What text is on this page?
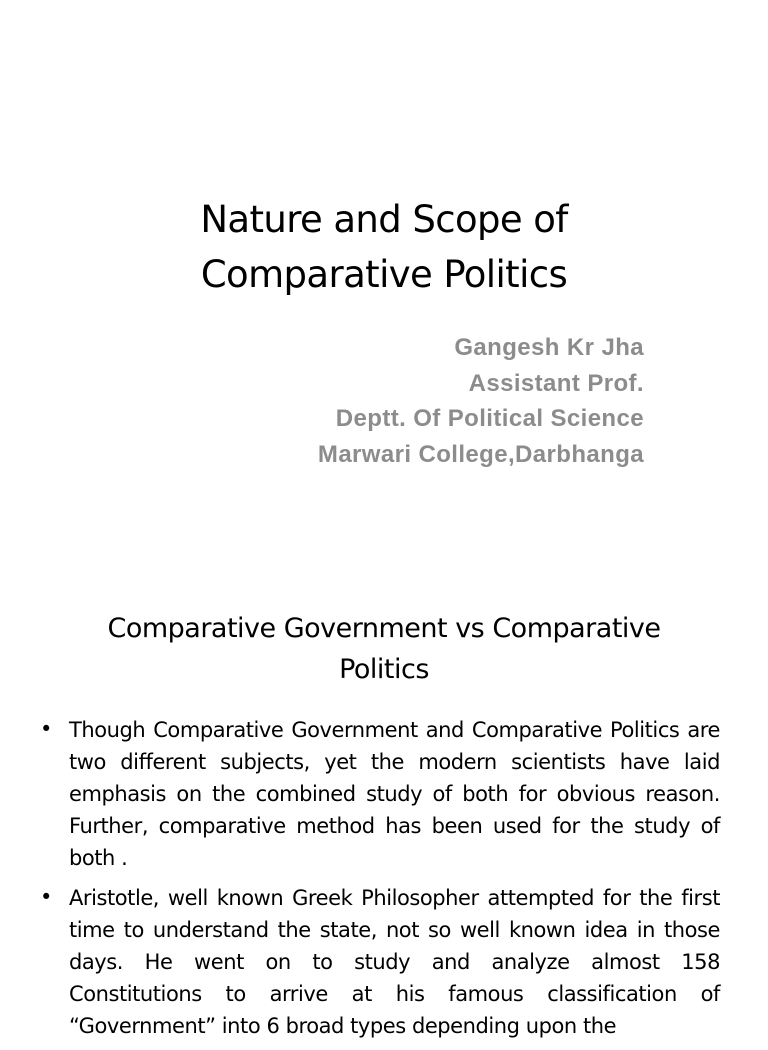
Nature and Scope of
Comparative Politics
Gangesh Kr Jha
Assistant Prof.
Deptt. Of Political Science
Marwari College,Darbhanga
Comparative Government vs Comparative
Politics
• Though Comparative Government and Comparative Politics are two different subjects, yet the modern scientists have laid emphasis on the combined study of both for obvious reason. Further, comparative method has been used for the study of both .
• Aristotle, well known Greek Philosopher attempted for the first time to understand the state, not so well known idea in those days. He went on to study and analyze almost 158 Constitutions to arrive at his famous classification of “Government” into 6 broad types depending upon the
